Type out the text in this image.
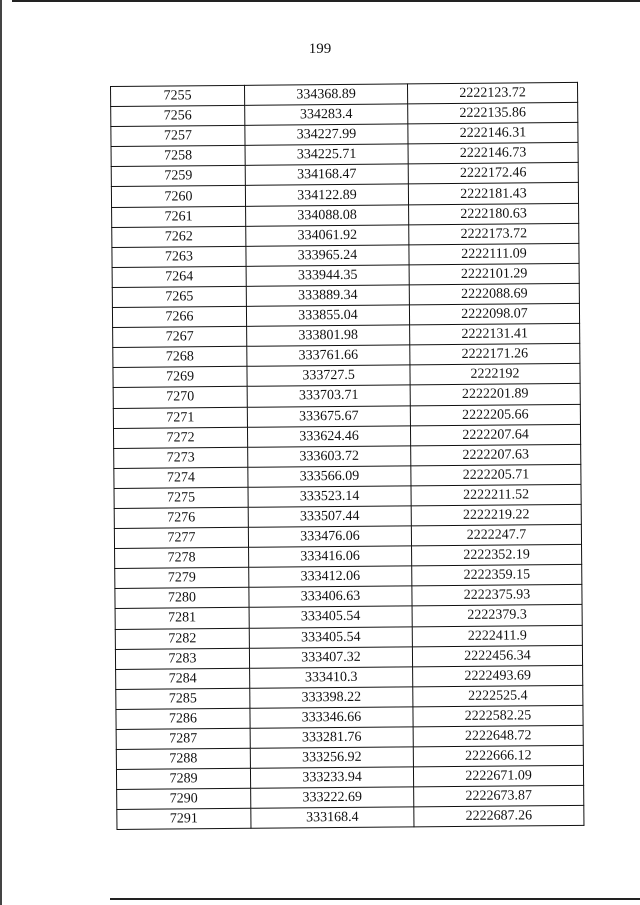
199
7255	334368.89	2222123.72
7256	334283.4	2222135.86
7257	334227.99	2222146.31
7258	334225.71	2222146.73
7259	334168.47	2222172.46
7260	334122.89	2222181.43
7261	334088.08	2222180.63
7262	334061.92	2222173.72
7263	333965.24	2222111.09
7264	333944.35	2222101.29
7265	333889.34	2222088.69
7266	333855.04	2222098.07
7267	333801.98	2222131.41
7268	333761.66	2222171.26
7269	333727.5	2222192
7270	333703.71	2222201.89
7271	333675.67	2222205.66
7272	333624.46	2222207.64
7273	333603.72	2222207.63
7274	333566.09	2222205.71
7275	333523.14	2222211.52
7276	333507.44	2222219.22
7277	333476.06	2222247.7
7278	333416.06	2222352.19
7279	333412.06	2222359.15
7280	333406.63	2222375.93
7281	333405.54	2222379.3
7282	333405.54	2222411.9
7283	333407.32	2222456.34
7284	333410.3	2222493.69
7285	333398.22	2222525.4
7286	333346.66	2222582.25
7287	333281.76	2222648.72
7288	333256.92	2222666.12
7289	333233.94	2222671.09
7290	333222.69	2222673.87
7291	333168.4	2222687.26
